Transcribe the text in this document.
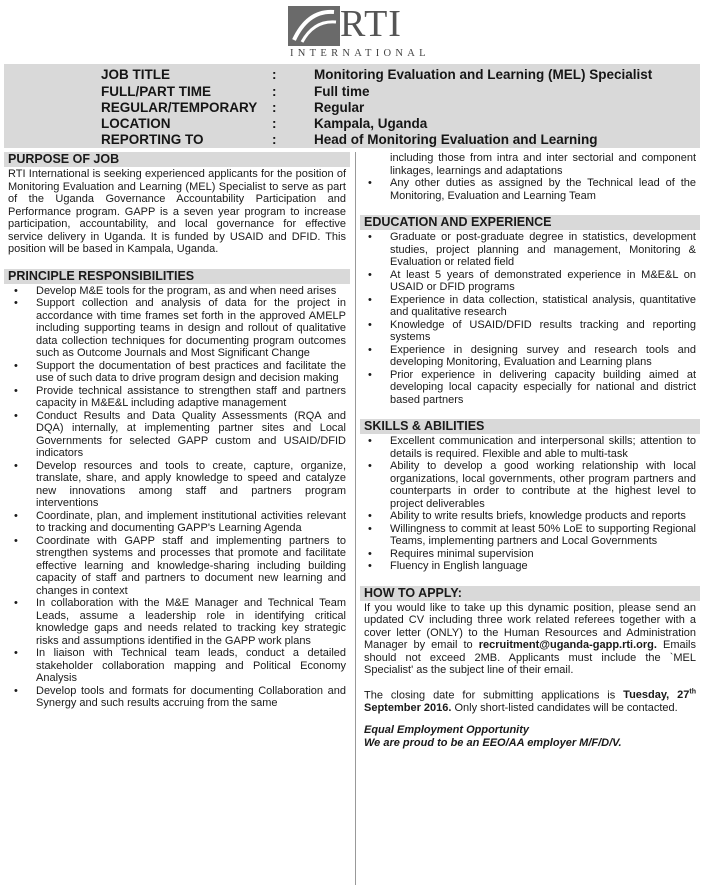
RTI
INTERNATIONAL
JOB TITLE	:	Monitoring Evaluation and Learning (MEL) Specialist
FULL/PART TIME	:	Full time
REGULAR/TEMPORARY :	Regular
LOCATION	:	Kampala, Uganda
REPORTING TO	:	Head of Monitoring Evaluation and Learning
PURPOSE OF JOB
RTI International is seeking experienced applicants for the position of Monitoring Evaluation and Learning (MEL) Specialist to serve as part of the Uganda Governance Accountability Participation and Performance program. GAPP is a seven year program to increase participation, accountability, and local governance for effective service delivery in Uganda. It is funded by USAID and DFID. This position will be based in Kampala, Uganda.
PRINCIPLE RESPONSIBILITIES
• Develop M&E tools for the program, as and when need arises
• Support collection and analysis of data for the project in accordance with time frames set forth in the approved AMELP including supporting teams in design and rollout of qualitative data collection techniques for documenting program outcomes such as Outcome Journals and Most Significant Change
• Support the documentation of best practices and facilitate the use of such data to drive program design and decision making
• Provide technical assistance to strengthen staff and partners capacity in M&E&L including adaptive management
• Conduct Results and Data Quality Assessments (RQA and DQA) internally, at implementing partner sites and Local Governments for selected GAPP custom and USAID/DFID indicators
• Develop resources and tools to create, capture, organize, translate, share, and apply knowledge to speed and catalyze new innovations among staff and partners program interventions
• Coordinate, plan, and implement institutional activities relevant to tracking and documenting GAPP's Learning Agenda
• Coordinate with GAPP staff and implementing partners to strengthen systems and processes that promote and facilitate effective learning and knowledge-sharing including building capacity of staff and partners to document new learning and changes in context
• In collaboration with the M&E Manager and Technical Team Leads, assume a leadership role in identifying critical knowledge gaps and needs related to tracking key strategic risks and assumptions identified in the GAPP work plans
• In liaison with Technical team leads, conduct a detailed stakeholder collaboration mapping and Political Economy Analysis
• Develop tools and formats for documenting Collaboration and Synergy and such results accruing from the same
including those from intra and inter sectorial and component linkages, learnings and adaptations
• Any other duties as assigned by the Technical lead of the Monitoring, Evaluation and Learning Team
EDUCATION AND EXPERIENCE
• Graduate or post-graduate degree in statistics, development studies, project planning and management, Monitoring & Evaluation or related field
• At least 5 years of demonstrated experience in M&E&L on USAID or DFID programs
• Experience in data collection, statistical analysis, quantitative and qualitative research
• Knowledge of USAID/DFID results tracking and reporting systems
• Experience in designing survey and research tools and developing Monitoring, Evaluation and Learning plans
• Prior experience in delivering capacity building aimed at developing local capacity especially for national and district based partners
SKILLS & ABILITIES
• Excellent communication and interpersonal skills; attention to details is required. Flexible and able to multi-task
• Ability to develop a good working relationship with local organizations, local governments, other program partners and counterparts in order to contribute at the highest level to project deliverables
• Ability to write results briefs, knowledge products and reports
• Willingness to commit at least 50% LoE to supporting Regional Teams, implementing partners and Local Governments
• Requires minimal supervision
• Fluency in English language
HOW TO APPLY:
If you would like to take up this dynamic position, please send an updated CV including three work related referees together with a cover letter (ONLY) to the Human Resources and Administration Manager by email to recruitment@uganda-gapp.rti.org. Emails should not exceed 2MB. Applicants must include the `MEL Specialist' as the subject line of their email.
The closing date for submitting applications is Tuesday, 27th September 2016. Only short-listed candidates will be contacted.
Equal Employment Opportunity
We are proud to be an EEO/AA employer M/F/D/V.
